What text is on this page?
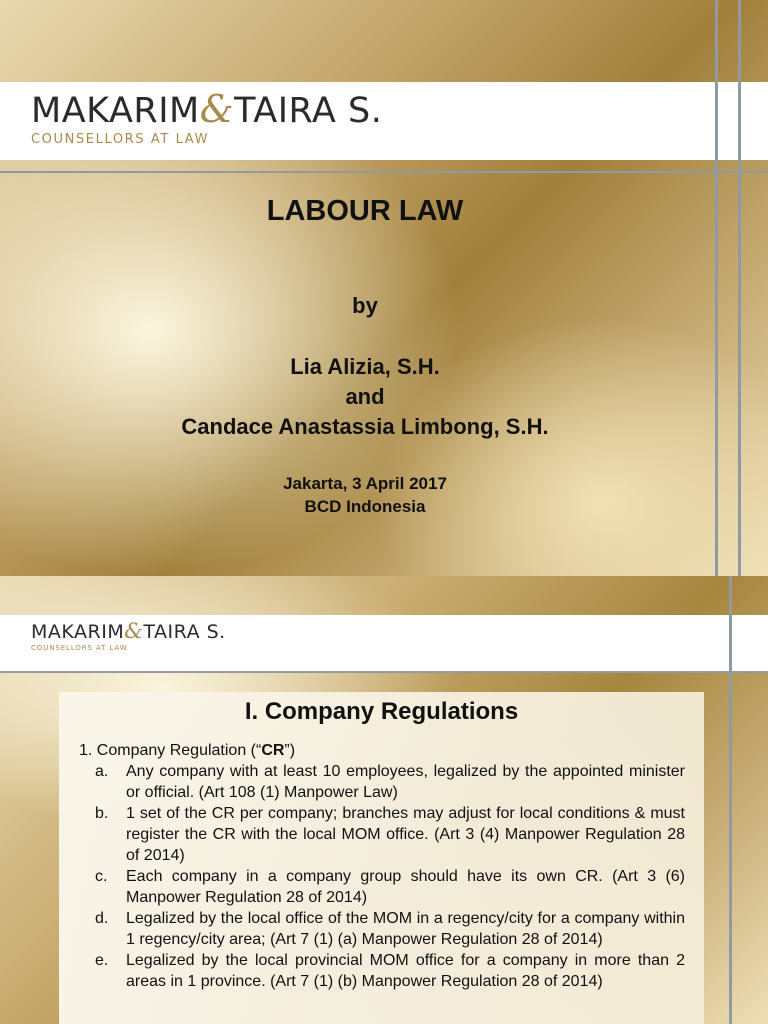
MAKARIM&TAIRA S.
COUNSELLORS AT LAW
LABOUR LAW
by
Lia Alizia, S.H.
and
Candace Anastassia Limbong, S.H.
Jakarta, 3 April 2017
BCD Indonesia
MAKARIM&TAIRA S.
COUNSELLORS AT LAW
I. Company Regulations
1. Company Regulation (“CR”)
a.	Any company with at least 10 employees, legalized by the appointed minister or official. (Art 108 (1) Manpower Law)
b.	1 set of the CR per company; branches may adjust for local conditions & must register the CR with the local MOM office. (Art 3 (4) Manpower Regulation 28 of 2014)
c.	Each company in a company group should have its own CR. (Art 3 (6) Manpower Regulation 28 of 2014)
d.	Legalized by the local office of the MOM in a regency/city for a company within 1 regency/city area; (Art 7 (1) (a) Manpower Regulation 28 of 2014)
e.	Legalized by the local provincial MOM office for a company in more than 2 areas in 1 province. (Art 7 (1) (b) Manpower Regulation 28 of 2014)
